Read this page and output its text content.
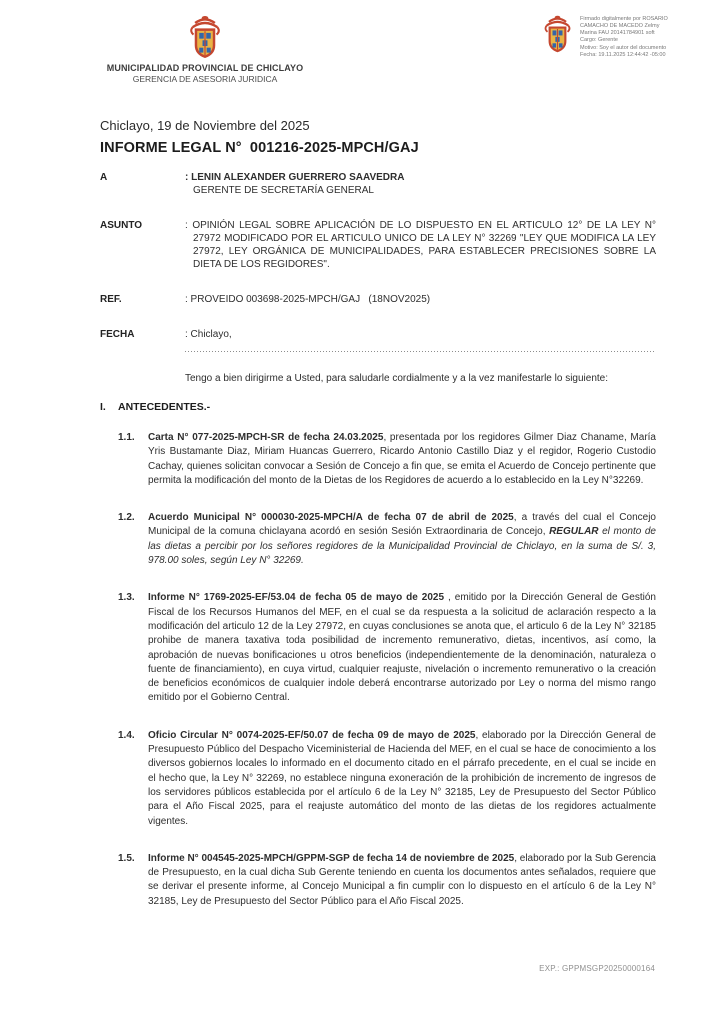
MUNICIPALIDAD PROVINCIAL DE CHICLAYO
GERENCIA DE ASESORIA JURIDICA
Firmado digitalmente por ROSARIO
CAMACHO DE MACEDO Zelmy
Marina FAU 20141784901 soft
Cargo: Gerente
Motivo: Soy el autor del documento
Fecha: 19.11.2025 12:44:42 -05:00
Chiclayo, 19 de Noviembre del 2025
INFORME LEGAL N°  001216-2025-MPCH/GAJ
A	: LENIN ALEXANDER GUERRERO SAAVEDRA
GERENTE DE SECRETARÍA GENERAL
ASUNTO	: OPINIÓN LEGAL SOBRE APLICACIÓN DE LO DISPUESTO EN EL ARTICULO 12° DE LA LEY N° 27972 MODIFICADO POR EL ARTICULO UNICO DE LA LEY N° 32269 "LEY QUE MODIFICA LA LEY 27972, LEY ORGÁNICA DE MUNICIPALIDADES, PARA ESTABLECER PRECISIONES SOBRE LA DIETA DE LOS REGIDORES".
REF.	: PROVEIDO 003698-2025-MPCH/GAJ   (18NOV2025)
FECHA	: Chiclayo,

Tengo a bien dirigirme a Usted, para saludarle cordialmente y a la vez manifestarle lo siguiente:

I.	ANTECEDENTES.-
1.1. Carta N° 077-2025-MPCH-SR de fecha 24.03.2025, presentada por los regidores Gilmer Diaz Chaname, María Yris Bustamante Diaz, Miriam Huancas Guerrero, Ricardo Antonio Castillo Diaz y el regidor, Rogerio Custodio Cachay, quienes solicitan convocar a Sesión de Concejo a fin que, se emita el Acuerdo de Concejo pertinente que permita la modificación del monto de la Dietas de los Regidores de acuerdo a lo establecido en la Ley N°32269.
1.2. Acuerdo Municipal N° 000030-2025-MPCH/A de fecha 07 de abril de 2025, a través del cual el Concejo Municipal de la comuna chiclayana acordó en sesión Sesión Extraordinaria de Concejo, REGULAR el monto de las dietas a percibir por los señores regidores de la Municipalidad Provincial de Chiclayo, en la suma de S/. 3, 978.00 soles, según Ley N° 32269.
1.3. Informe N° 1769-2025-EF/53.04 de fecha 05 de mayo de 2025 , emitido por la Dirección General de Gestión Fiscal de los Recursos Humanos del MEF, en el cual se da respuesta a la solicitud de aclaración respecto a la modificación del articulo 12 de la Ley 27972, en cuyas conclusiones se anota que, el articulo 6 de la Ley N° 32185 prohibe de manera taxativa toda posibilidad de incremento remunerativo, dietas, incentivos, así como, la aprobación de nuevas bonificaciones u otros beneficios (independientemente de la denominación, naturaleza o fuente de financiamiento), en cuya virtud, cualquier reajuste, nivelación o incremento remunerativo o la creación de beneficios económicos de cualquier indole deberá encontrarse autorizado por Ley o norma del mismo rango emitido por el Gobierno Central.
1.4. Oficio Circular N° 0074-2025-EF/50.07 de fecha 09 de mayo de 2025, elaborado por la Dirección General de Presupuesto Público del Despacho Viceministerial de Hacienda del MEF, en el cual se hace de conocimiento a los diversos gobiernos locales lo informado en el documento citado en el párrafo precedente, en el cual se incide en el hecho que, la Ley N° 32269, no establece ninguna exoneración de la prohibición de incremento de ingresos de los servidores públicos establecida por el artículo 6 de la Ley N° 32185, Ley de Presupuesto del Sector Público para el Año Fiscal 2025, para el reajuste automático del monto de las dietas de los regidores actualmente vigentes.
1.5. Informe N° 004545-2025-MPCH/GPPM-SGP de fecha 14 de noviembre de 2025, elaborado por la Sub Gerencia de Presupuesto, en la cual dicha Sub Gerente teniendo en cuenta los documentos antes señalados, requiere que se derivar el presente informe, al Concejo Municipal a fin cumplir con lo dispuesto en el artículo 6 de la Ley N° 32185, Ley de Presupuesto del Sector Público para el Año Fiscal 2025.
EXP.: GPPMSGP20250000164
